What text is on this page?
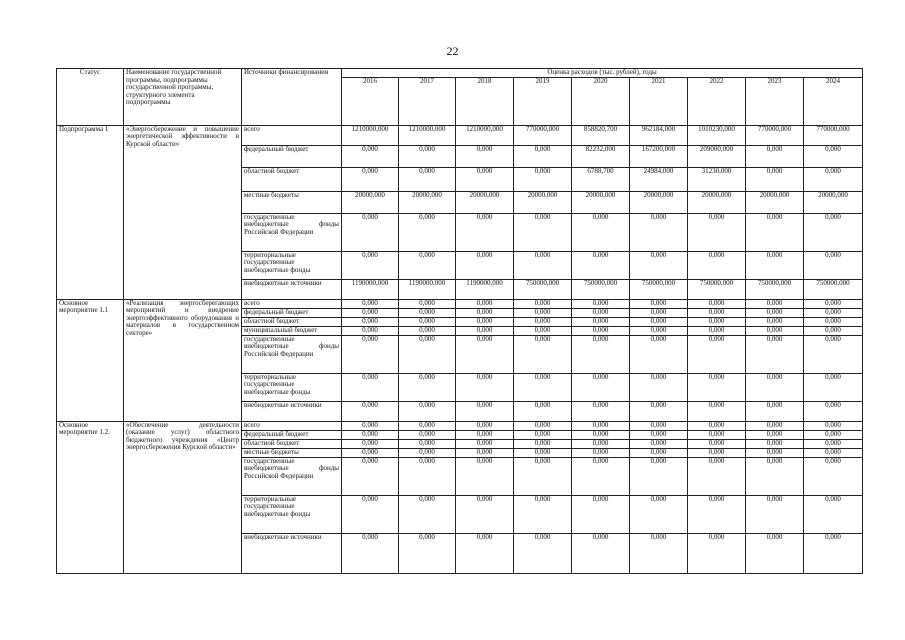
22
Статус	Наименование государственной программы, подпрограммы государственной программы, структурного элемента подпрограммы	Источники финансирования	Оценка расходов (тыс. рублей), годы								
			2016	2017	2018	2019	2020	2021	2022	2023	2024
Подпрограмма 1	«Энергосбережение и повышение энергетической эффективности в Курской области»	всего	1210000,000	1210000,000	1210000,000	770000,000	858820,700	962184,000	1010230,000	770000,000	770000,000
		федеральный бюджет	0,000	0,000	0,000	0,000	82232,000	167200,000	209000,000	0,000	0,000
		областной бюджет	0,000	0,000	0,000	0,000	6788,700	24984,000	31230,000	0,000	0,000
		местные бюджеты	20000,000	20000,000	20000,000	20000,000	20000,000	20000,000	20000,000	20000,000	20000,000
		государственные внебюджетные фонды Российской Федерации	0,000	0,000	0,000	0,000	0,000	0,000	0,000	0,000	0,000
		территориальные государственные внебюджетные фонды	0,000	0,000	0,000	0,000	0,000	0,000	0,000	0,000	0,000
		внебюджетные источники	1190000,000	1190000,000	1190000,000	750000,000	750000,000	750000,000	750000,000	750000,000	750000,000
Основное мероприятие 1.1	«Реализация энергосберегающих мероприятий и внедрение энергоэффективного оборудования и материалов в государственном секторе»	всего	0,000	0,000	0,000	0,000	0,000	0,000	0,000	0,000	0,000
		федеральный бюджет	0,000	0,000	0,000	0,000	0,000	0,000	0,000	0,000	0,000
		областной бюджет	0,000	0,000	0,000	0,000	0,000	0,000	0,000	0,000	0,000
		муниципальный бюджет	0,000	0,000	0,000	0,000	0,000	0,000	0,000	0,000	0,000
		государственные внебюджетные фонды Российской Федерации	0,000	0,000	0,000	0,000	0,000	0,000	0,000	0,000	0,000
		территориальные государственные внебюджетные фонды	0,000	0,000	0,000	0,000	0,000	0,000	0,000	0,000	0,000
		внебюджетные источники	0,000	0,000	0,000	0,000	0,000	0,000	0,000	0,000	0,000
Основное мероприятие 1.2.	«Обеспечение деятельности (оказание услуг) областного бюджетного учреждения «Центр энергосбережения Курской области»	всего	0,000	0,000	0,000	0,000	0,000	0,000	0,000	0,000	0,000
		федеральный бюджет	0,000	0,000	0,000	0,000	0,000	0,000	0,000	0,000	0,000
		областной бюджет	0,000	0,000	0,000	0,000	0,000	0,000	0,000	0,000	0,000
		местные бюджеты	0,000	0,000	0,000	0,000	0,000	0,000	0,000	0,000	0,000
		государственные внебюджетные фонды Российской Федерации	0,000	0,000	0,000	0,000	0,000	0,000	0,000	0,000	0,000
		территориальные государственные внебюджетные фонды	0,000	0,000	0,000	0,000	0,000	0,000	0,000	0,000	0,000
		внебюджетные источники	0,000	0,000	0,000	0,000	0,000	0,000	0,000	0,000	0,000
